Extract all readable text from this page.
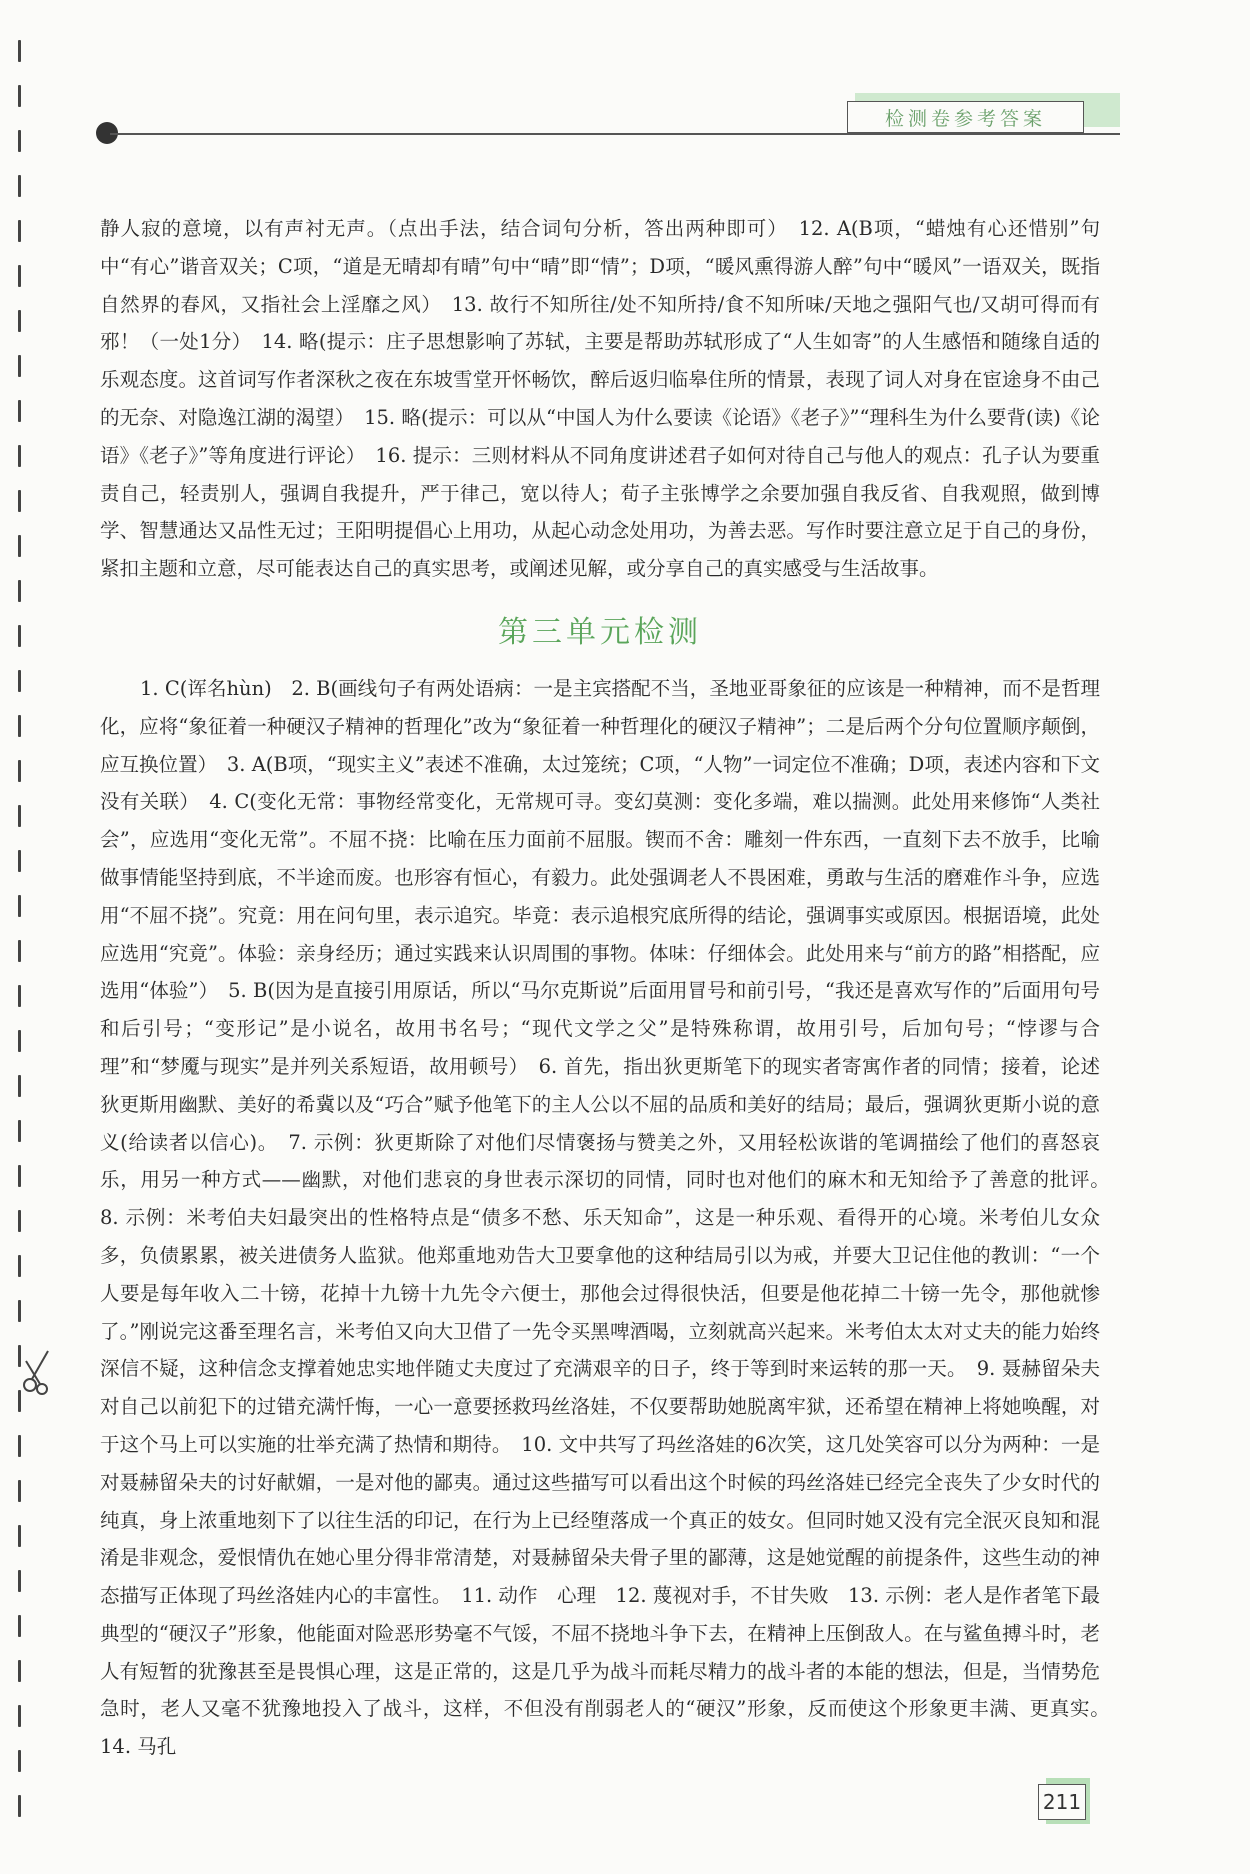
检测卷参考答案

静人寂的意境，以有声衬无声。（点出手法，结合词句分析，答出两种即可）　12. A(B项，“蜡烛有心还惜别”句中“有心”谐音双关；C项，“道是无晴却有晴”句中“晴”即“情”；D项，“暖风熏得游人醉”句中“暖风”一语双关，既指自然界的春风，又指社会上淫靡之风）　13. 故行不知所往/处不知所持/食不知所味/天地之强阳气也/又胡可得而有邪！（一处1分）　14. 略(提示：庄子思想影响了苏轼，主要是帮助苏轼形成了“人生如寄”的人生感悟和随缘自适的乐观态度。这首词写作者深秋之夜在东坡雪堂开怀畅饮，醉后返归临皋住所的情景，表现了词人对身在宦途身不由己的无奈、对隐逸江湖的渴望）　15. 略(提示：可以从“中国人为什么要读《论语》《老子》”“理科生为什么要背(读)《论语》《老子》”等角度进行评论）　16. 提示：三则材料从不同角度讲述君子如何对待自己与他人的观点：孔子认为要重责自己，轻责别人，强调自我提升，严于律己，宽以待人；荀子主张博学之余要加强自我反省、自我观照，做到博学、智慧通达又品性无过；王阳明提倡心上用功，从起心动念处用功，为善去恶。写作时要注意立足于自己的身份，紧扣主题和立意，尽可能表达自己的真实思考，或阐述见解，或分享自己的真实感受与生活故事。

第三单元检测

1. C(诨名hùn)　2. B(画线句子有两处语病：一是主宾搭配不当，圣地亚哥象征的应该是一种精神，而不是哲理化，应将“象征着一种硬汉子精神的哲理化”改为“象征着一种哲理化的硬汉子精神”；二是后两个分句位置顺序颠倒，应互换位置）　3. A(B项，“现实主义”表述不准确，太过笼统；C项，“人物”一词定位不准确；D项，表述内容和下文没有关联）　4. C(变化无常：事物经常变化，无常规可寻。变幻莫测：变化多端，难以揣测。此处用来修饰“人类社会”，应选用“变化无常”。不屈不挠：比喻在压力面前不屈服。锲而不舍：雕刻一件东西，一直刻下去不放手，比喻做事情能坚持到底，不半途而废。也形容有恒心，有毅力。此处强调老人不畏困难，勇敢与生活的磨难作斗争，应选用“不屈不挠”。究竟：用在问句里，表示追究。毕竟：表示追根究底所得的结论，强调事实或原因。根据语境，此处应选用“究竟”。体验：亲身经历；通过实践来认识周围的事物。体味：仔细体会。此处用来与“前方的路”相搭配，应选用“体验”）　5. B(因为是直接引用原话，所以“马尔克斯说”后面用冒号和前引号，“我还是喜欢写作的”后面用句号和后引号；“变形记”是小说名，故用书名号；“现代文学之父”是特殊称谓，故用引号，后加句号；“悖谬与合理”和“梦魇与现实”是并列关系短语，故用顿号）　6. 首先，指出狄更斯笔下的现实者寄寓作者的同情；接着，论述狄更斯用幽默、美好的希冀以及“巧合”赋予他笔下的主人公以不屈的品质和美好的结局；最后，强调狄更斯小说的意义(给读者以信心)。　7. 示例：狄更斯除了对他们尽情褒扬与赞美之外，又用轻松诙谐的笔调描绘了他们的喜怒哀乐，用另一种方式——幽默，对他们悲哀的身世表示深切的同情，同时也对他们的麻木和无知给予了善意的批评。　8. 示例：米考伯夫妇最突出的性格特点是“债多不愁、乐天知命”，这是一种乐观、看得开的心境。米考伯儿女众多，负债累累，被关进债务人监狱。他郑重地劝告大卫要拿他的这种结局引以为戒，并要大卫记住他的教训：“一个人要是每年收入二十镑，花掉十九镑十九先令六便士，那他会过得很快活，但要是他花掉二十镑一先令，那他就惨了。”刚说完这番至理名言，米考伯又向大卫借了一先令买黑啤酒喝，立刻就高兴起来。米考伯太太对丈夫的能力始终深信不疑，这种信念支撑着她忠实地伴随丈夫度过了充满艰辛的日子，终于等到时来运转的那一天。　9. 聂赫留朵夫对自己以前犯下的过错充满忏悔，一心一意要拯救玛丝洛娃，不仅要帮助她脱离牢狱，还希望在精神上将她唤醒，对于这个马上可以实施的壮举充满了热情和期待。　10. 文中共写了玛丝洛娃的6次笑，这几处笑容可以分为两种：一是对聂赫留朵夫的讨好献媚，一是对他的鄙夷。通过这些描写可以看出这个时候的玛丝洛娃已经完全丧失了少女时代的纯真，身上浓重地刻下了以往生活的印记，在行为上已经堕落成一个真正的妓女。但同时她又没有完全泯灭良知和混淆是非观念，爱恨情仇在她心里分得非常清楚，对聂赫留朵夫骨子里的鄙薄，这是她觉醒的前提条件，这些生动的神态描写正体现了玛丝洛娃内心的丰富性。　11. 动作　心理　12. 蔑视对手，不甘失败　13. 示例：老人是作者笔下最典型的“硬汉子”形象，他能面对险恶形势毫不气馁，不屈不挠地斗争下去，在精神上压倒敌人。在与鲨鱼搏斗时，老人有短暂的犹豫甚至是畏惧心理，这是正常的，这是几乎为战斗而耗尽精力的战斗者的本能的想法，但是，当情势危急时，老人又毫不犹豫地投入了战斗，这样，不但没有削弱老人的“硬汉”形象，反而使这个形象更丰满、更真实。　14. 马孔

211
